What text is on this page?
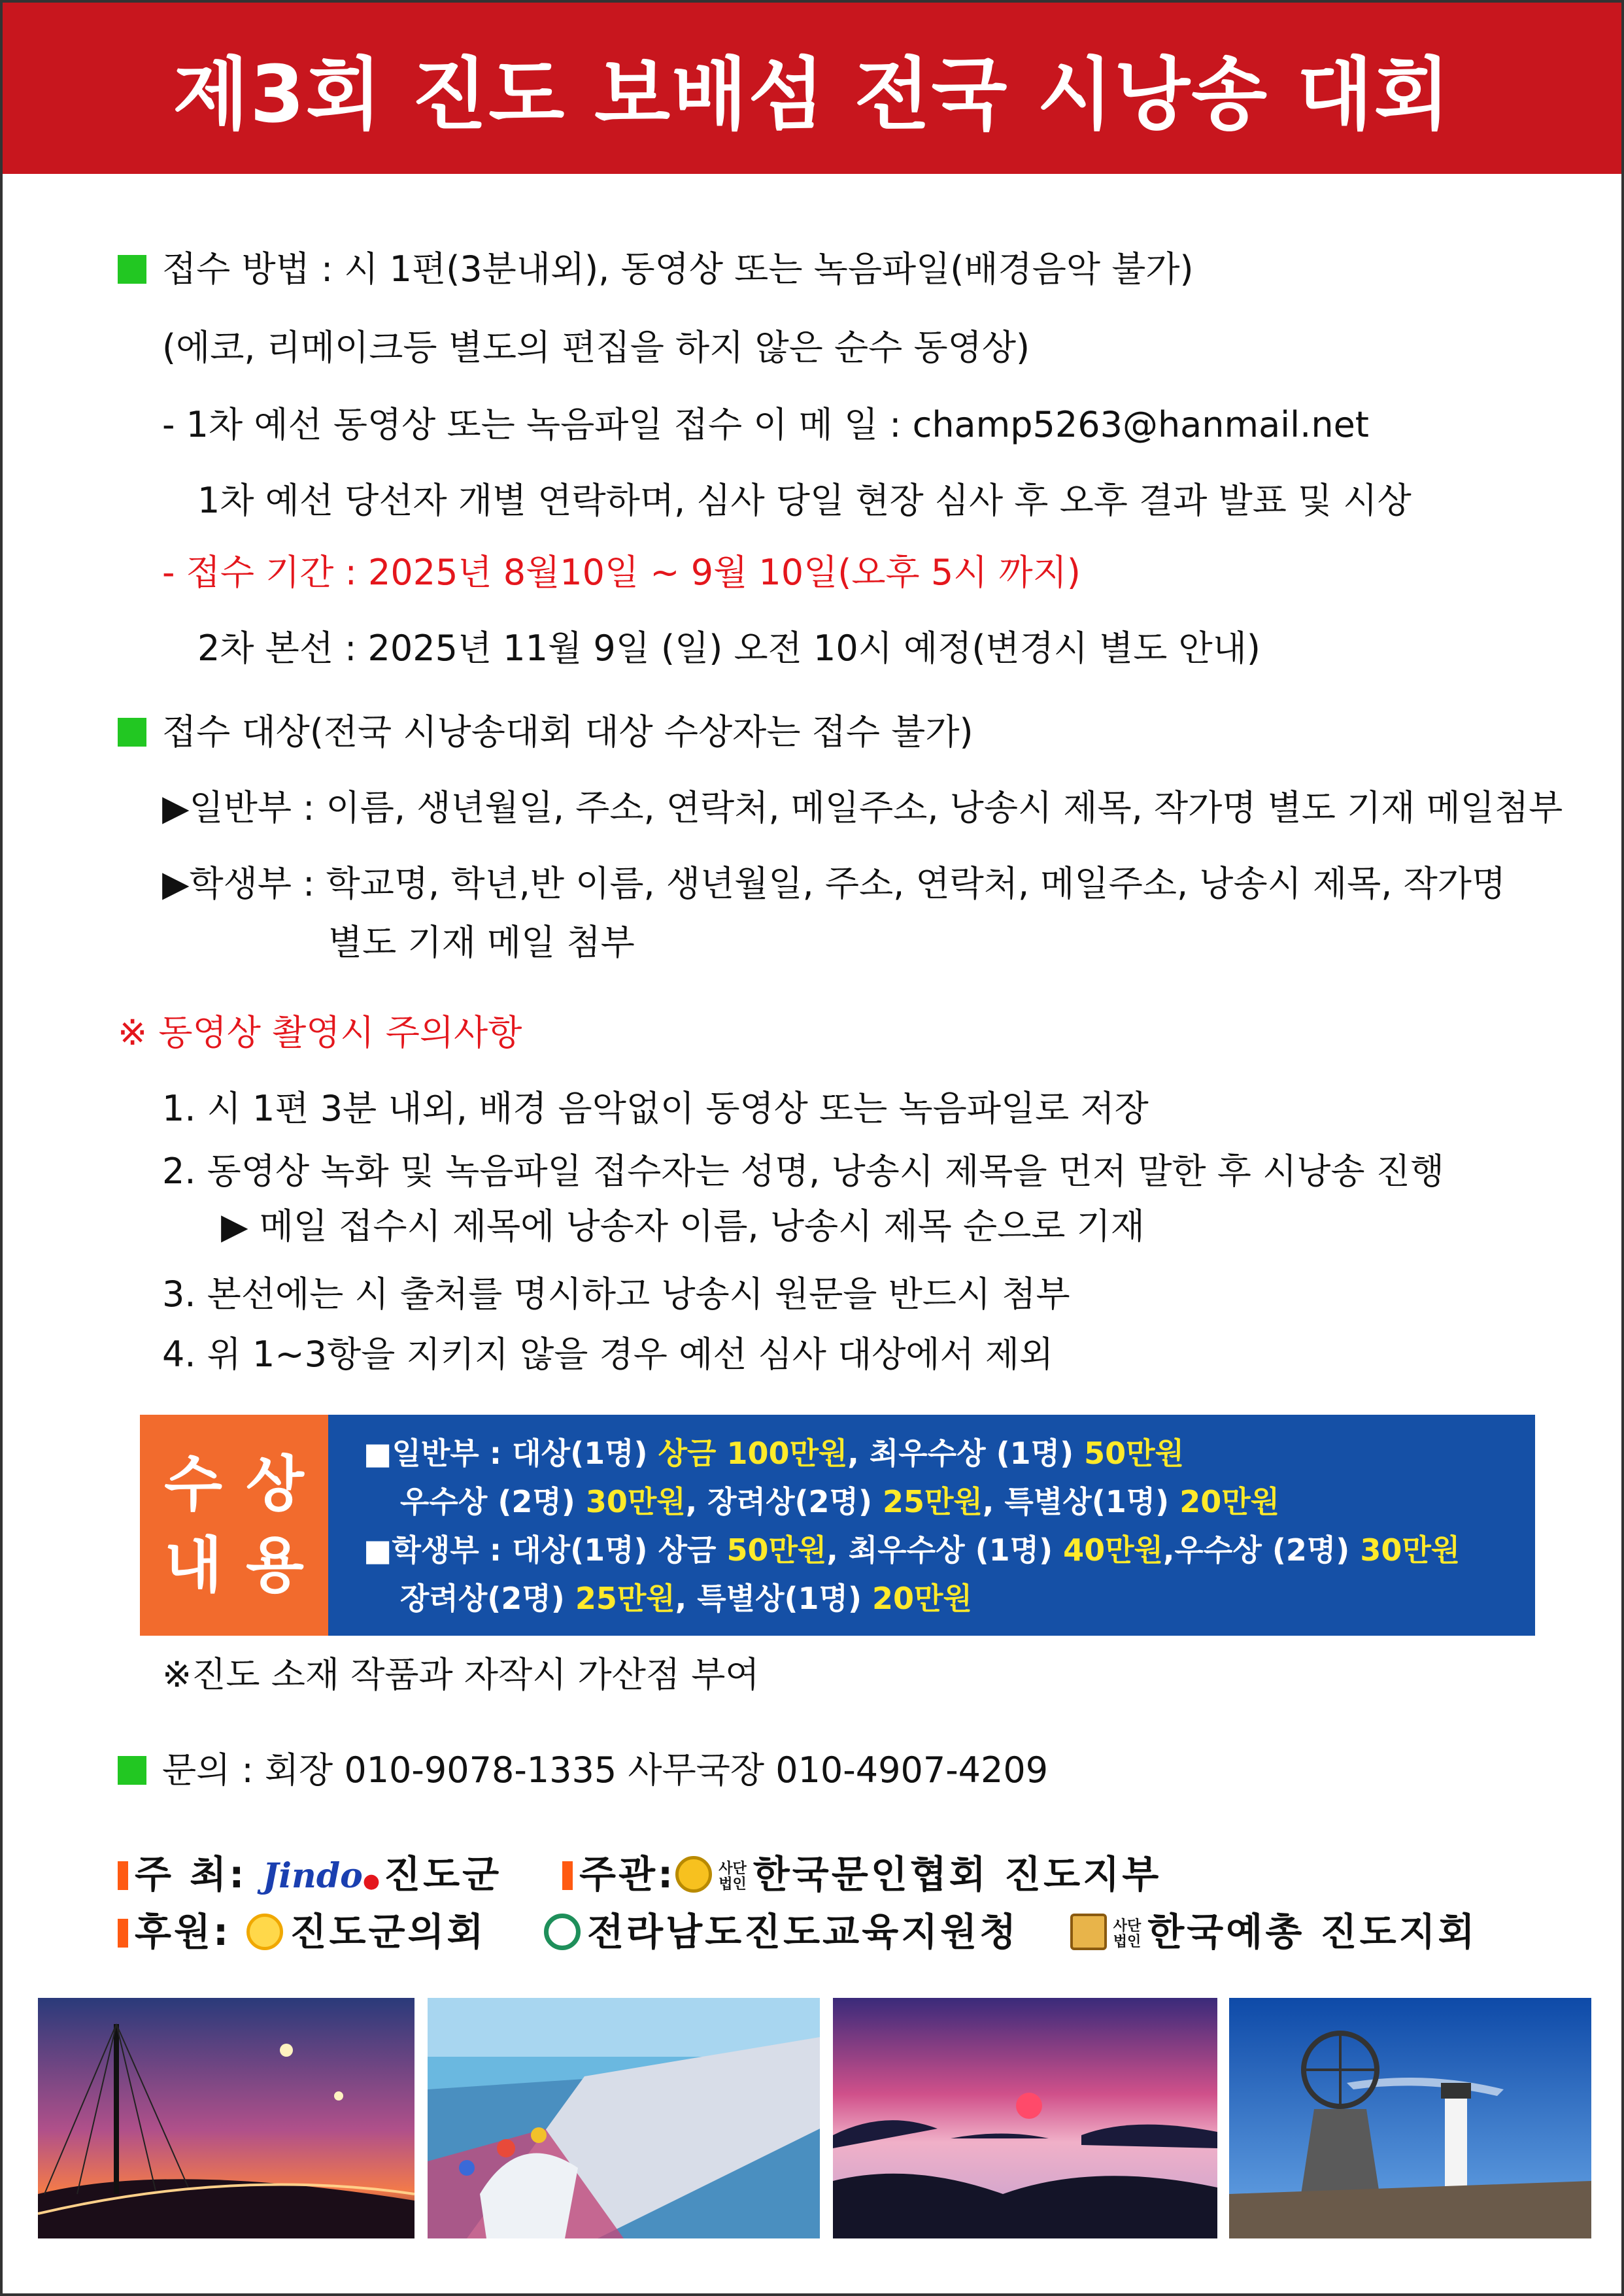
제3회 진도 보배섬 전국 시낭송 대회
접수 방법 : 시 1편(3분내외), 동영상 또는 녹음파일(배경음악 불가)
(에코, 리메이크등 별도의 편집을 하지 않은 순수 동영상)
- 1차 예선 동영상 또는 녹음파일 접수 이 메 일 : champ5263@hanmail.net
1차 예선 당선자 개별 연락하며, 심사 당일 현장 심사 후 오후 결과 발표 및 시상
- 접수 기간 : 2025년 8월10일 ~ 9월 10일(오후 5시 까지)
2차 본선 : 2025년 11월 9일 (일) 오전 10시 예정(변경시 별도 안내)
접수 대상(전국 시낭송대회 대상 수상자는 접수 불가)
▶일반부 : 이름, 생년월일, 주소, 연락처, 메일주소, 낭송시 제목, 작가명 별도 기재 메일첨부
▶학생부 : 학교명, 학년,반 이름, 생년월일, 주소, 연락처, 메일주소, 낭송시 제목, 작가명
별도 기재 메일 첨부
※ 동영상 촬영시 주의사항
1. 시 1편 3분 내외, 배경 음악없이 동영상 또는 녹음파일로 저장
2. 동영상 녹화 및 녹음파일 접수자는 성명, 낭송시 제목을 먼저 말한 후 시낭송 진행
▶ 메일 접수시 제목에 낭송자 이름, 낭송시 제목 순으로 기재
3. 본선에는 시 출처를 명시하고 낭송시 원문을 반드시 첨부
4. 위 1~3항을 지키지 않을 경우 예선 심사 대상에서 제외
수상
내용
■일반부 : 대상(1명) 상금 100만원, 최우수상 (1명) 50만원
우수상 (2명) 30만원, 장려상(2명) 25만원, 특별상(1명) 20만원
■학생부 : 대상(1명) 상금 50만원, 최우수상 (1명) 40만원,우수상 (2명) 30만원
장려상(2명) 25만원, 특별상(1명) 20만원
※진도 소재 작품과 자작시 가산점 부여
문의 : 회장 010-9078-1335 사무국장 010-4907-4209
주 최: Jindo● 진도군	주관:	사단
법인 한국문인협회 진도지부
후원: 진도군의회	전라남도진도교육지원청	사단
법인 한국예총 진도지회
